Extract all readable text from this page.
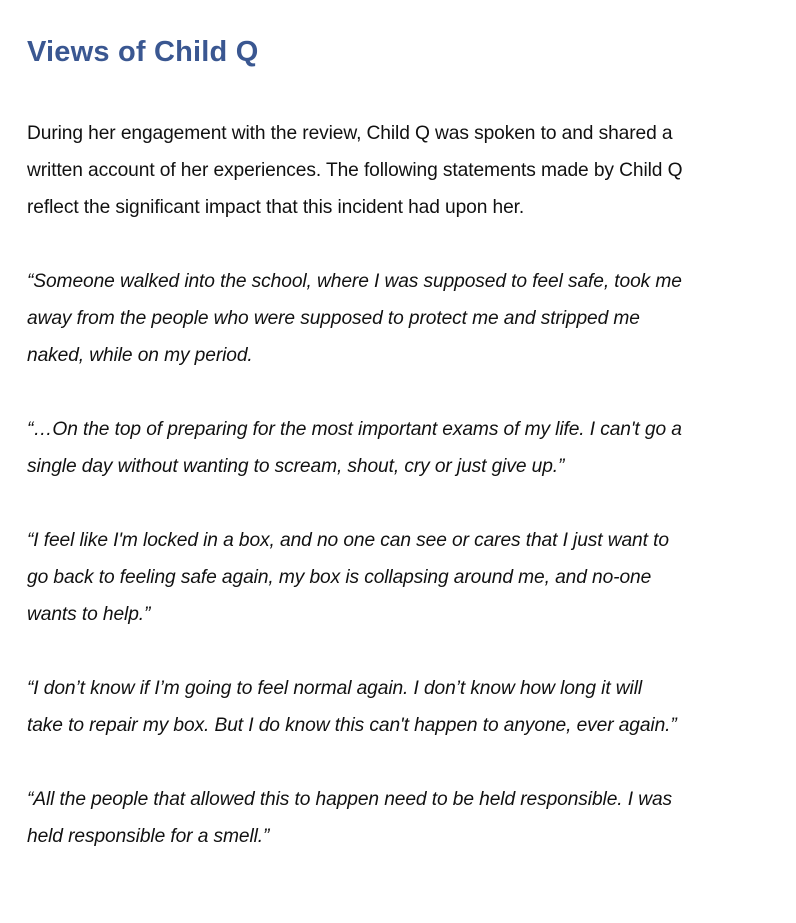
Views of Child Q

During her engagement with the review, Child Q was spoken to and shared a
written account of her experiences. The following statements made by Child Q
reflect the significant impact that this incident had upon her.

“Someone walked into the school, where I was supposed to feel safe, took me
away from the people who were supposed to protect me and stripped me
naked, while on my period.

“…On the top of preparing for the most important exams of my life. I can't go a
single day without wanting to scream, shout, cry or just give up.”

“I feel like I'm locked in a box, and no one can see or cares that I just want to
go back to feeling safe again, my box is collapsing around me, and no-one
wants to help.”

“I don’t know if I’m going to feel normal again. I don’t know how long it will
take to repair my box. But I do know this can't happen to anyone, ever again.”

“All the people that allowed this to happen need to be held responsible. I was
held responsible for a smell.”
